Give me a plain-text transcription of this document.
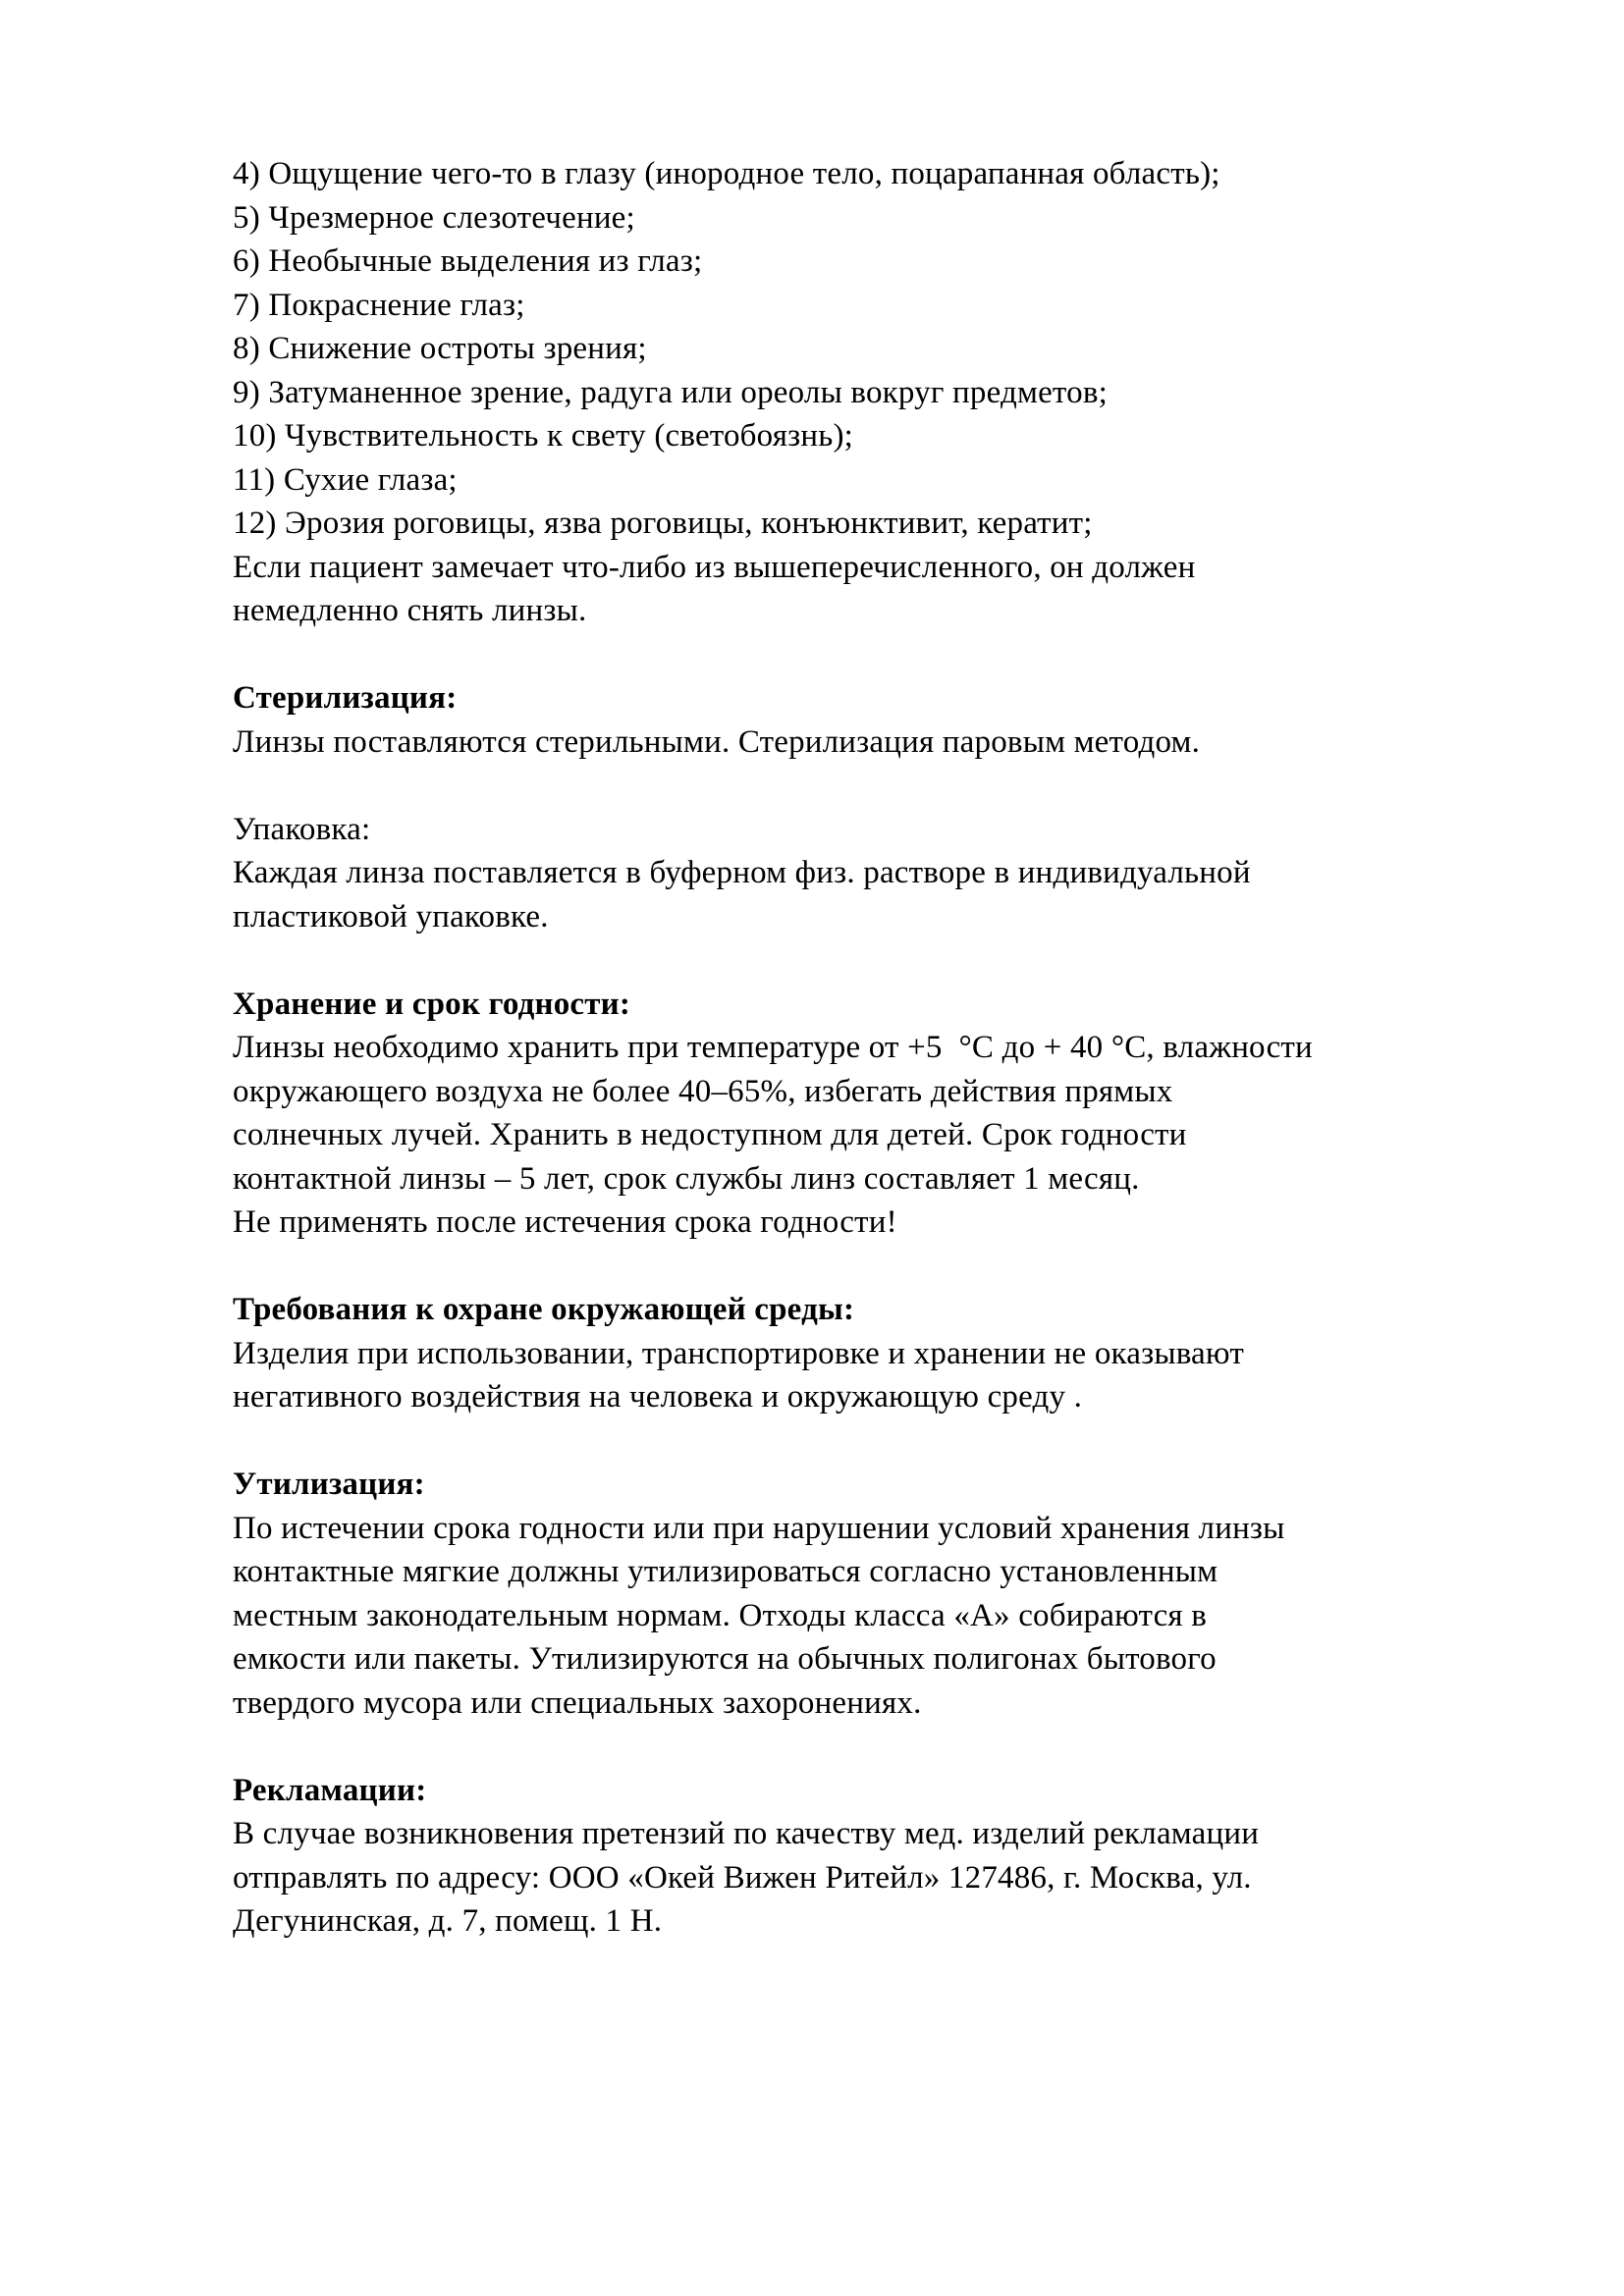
4) Ощущение чего-то в глазу (инородное тело, поцарапанная область);
5) Чрезмерное слезотечение;
6) Необычные выделения из глаз;
7) Покраснение глаз;
8) Снижение остроты зрения;
9) Затуманенное зрение, радуга или ореолы вокруг предметов;
10) Чувствительность к свету (светобоязнь);
11) Сухие глаза;
12) Эрозия роговицы, язва роговицы, конъюнктивит, кератит;
Если пациент замечает что-либо из вышеперечисленного, он должен
немедленно снять линзы.
Стерилизация:
Линзы поставляются стерильными. Стерилизация паровым методом.
Упаковка:
Каждая линза поставляется в буферном физ. растворе в индивидуальной
пластиковой упаковке.
Хранение и срок годности:
Линзы необходимо хранить при температуре от +5  °С до + 40 °С, влажности
окружающего воздуха не более 40–65%, избегать действия прямых
солнечных лучей. Хранить в недоступном для детей. Срок годности
контактной линзы – 5 лет, срок службы линз составляет 1 месяц.
Не применять после истечения срока годности!
Требования к охране окружающей среды:
Изделия при использовании, транспортировке и хранении не оказывают
негативного воздействия на человека и окружающую среду .
Утилизация:
По истечении срока годности или при нарушении условий хранения линзы
контактные мягкие должны утилизироваться согласно установленным
местным законодательным нормам. Отходы класса «А» собираются в
емкости или пакеты. Утилизируются на обычных полигонах бытового
твердого мусора или специальных захоронениях.
Рекламации:
В случае возникновения претензий по качеству мед. изделий рекламации
отправлять по адресу: ООО «Окей Вижен Ритейл» 127486, г. Москва, ул.
Дегунинская, д. 7, помещ. 1 Н.
